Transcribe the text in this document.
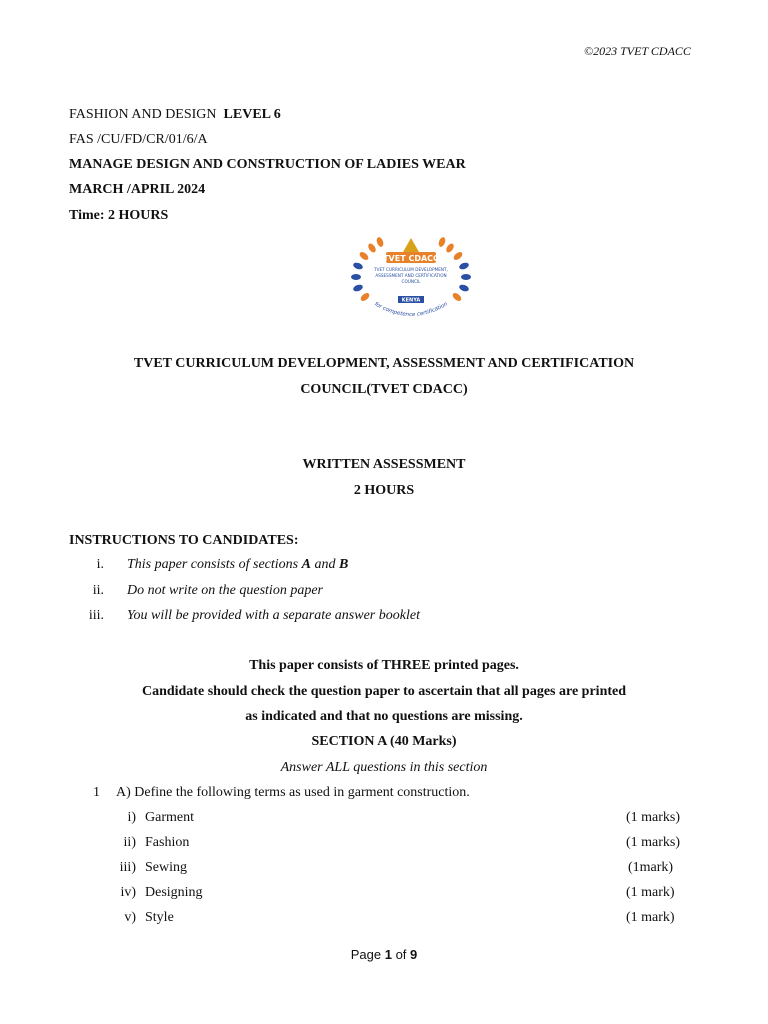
©2023 TVET CDACC
FASHION AND DESIGN LEVEL 6
FAS /CU/FD/CR/01/6/A
MANAGE DESIGN AND CONSTRUCTION OF LADIES WEAR
MARCH /APRIL 2024
Time: 2 HOURS
TVET CDACC
TVET CURRICULUM DEVELOPMENT,
ASSESSMENT AND CERTIFICATION
COUNCIL
KENYA
for competence certification
TVET CURRICULUM DEVELOPMENT, ASSESSMENT AND CERTIFICATION
COUNCIL(TVET CDACC)
WRITTEN ASSESSMENT
2 HOURS
INSTRUCTIONS TO CANDIDATES:
i. This paper consists of sections A and B
ii. Do not write on the question paper
iii. You will be provided with a separate answer booklet
This paper consists of THREE printed pages.
Candidate should check the question paper to ascertain that all pages are printed
as indicated and that no questions are missing.
SECTION A (40 Marks)
Answer ALL questions in this section
1 A) Define the following terms as used in garment construction.
i) Garment	(1 marks)
ii) Fashion	(1 marks)
iii) Sewing	(1mark)
iv) Designing	(1 mark)
v) Style	(1 mark)
Page 1 of 9
